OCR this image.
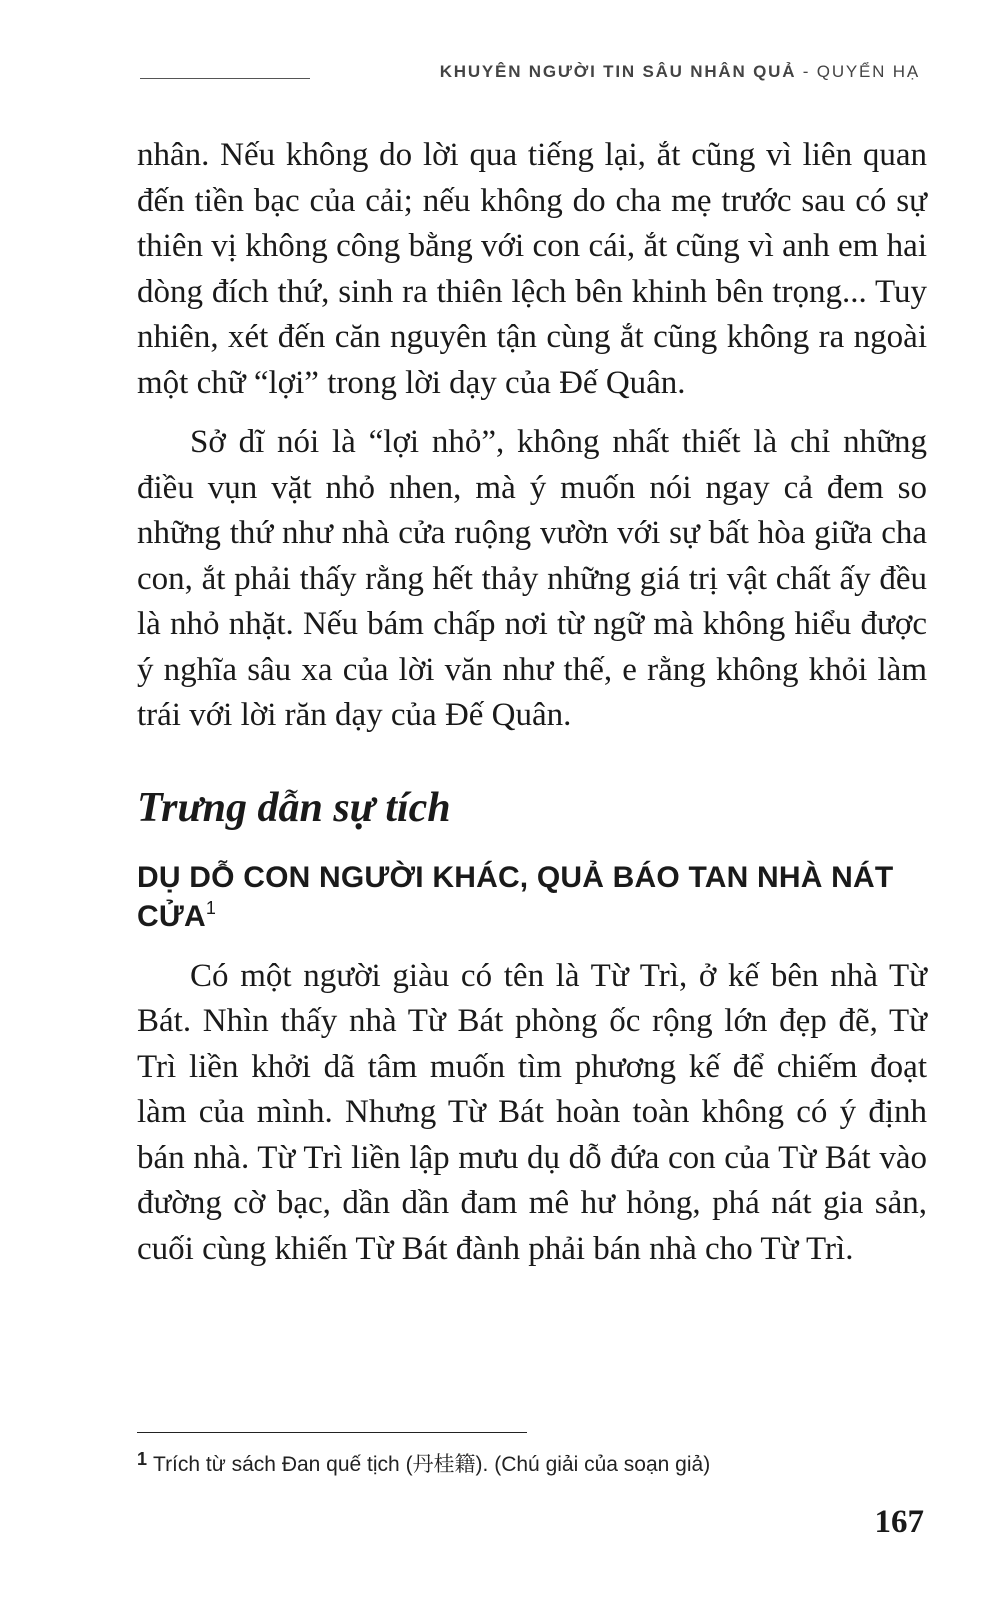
KHUYÊN NGƯỜI TIN SÂU NHÂN QUẢ - QUYỂN HẠ

nhân. Nếu không do lời qua tiếng lại, ắt cũng vì liên quan đến tiền bạc của cải; nếu không do cha mẹ trước sau có sự thiên vị không công bằng với con cái, ắt cũng vì anh em hai dòng đích thứ, sinh ra thiên lệch bên khinh bên trọng... Tuy nhiên, xét đến căn nguyên tận cùng ắt cũng không ra ngoài một chữ “lợi” trong lời dạy của Đế Quân.

Sở dĩ nói là “lợi nhỏ”, không nhất thiết là chỉ những điều vụn vặt nhỏ nhen, mà ý muốn nói ngay cả đem so những thứ như nhà cửa ruộng vườn với sự bất hòa giữa cha con, ắt phải thấy rằng hết thảy những giá trị vật chất ấy đều là nhỏ nhặt. Nếu bám chấp nơi từ ngữ mà không hiểu được ý nghĩa sâu xa của lời văn như thế, e rằng không khỏi làm trái với lời răn dạy của Đế Quân.

Trưng dẫn sự tích
DỤ DỖ CON NGƯỜI KHÁC, QUẢ BÁO TAN NHÀ NÁT CỬA$^1$

Có một người giàu có tên là Từ Trì, ở kế bên nhà Từ Bát. Nhìn thấy nhà Từ Bát phòng ốc rộng lớn đẹp đẽ, Từ Trì liền khởi dã tâm muốn tìm phương kế để chiếm đoạt làm của mình. Nhưng Từ Bát hoàn toàn không có ý định bán nhà. Từ Trì liền lập mưu dụ dỗ đứa con của Từ Bát vào đường cờ bạc, dần dần đam mê hư hỏng, phá nát gia sản, cuối cùng khiến Từ Bát đành phải bán nhà cho Từ Trì.

1 Trích từ sách Đan quế tịch (丹桂籍). (Chú giải của soạn giả)
167
